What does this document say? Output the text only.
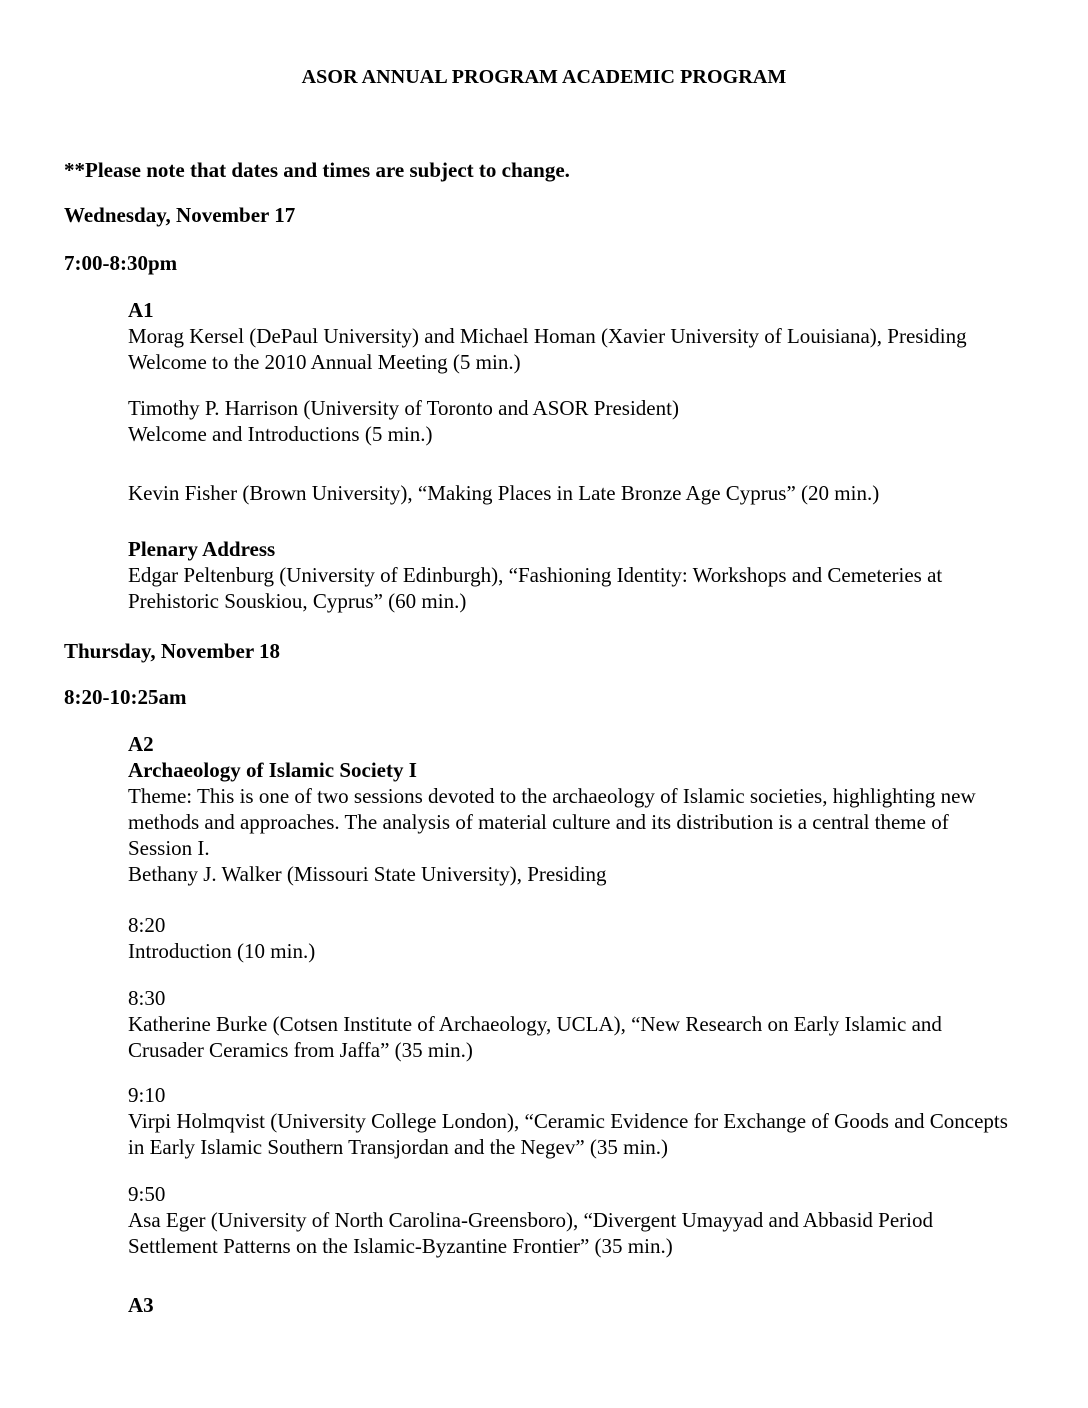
ASOR ANNUAL PROGRAM ACADEMIC PROGRAM
**Please note that dates and times are subject to change.
Wednesday, November 17
7:00-8:30pm
A1
Morag Kersel (DePaul University) and Michael Homan (Xavier University of Louisiana), Presiding
Welcome to the 2010 Annual Meeting (5 min.)
Timothy P. Harrison (University of Toronto and ASOR President)
Welcome and Introductions (5 min.)
Kevin Fisher (Brown University), “Making Places in Late Bronze Age Cyprus” (20 min.)
Plenary Address
Edgar Peltenburg (University of Edinburgh), “Fashioning Identity: Workshops and Cemeteries at
Prehistoric Souskiou, Cyprus” (60 min.)
Thursday, November 18
8:20-10:25am
A2
Archaeology of Islamic Society I
Theme: This is one of two sessions devoted to the archaeology of Islamic societies, highlighting new
methods and approaches. The analysis of material culture and its distribution is a central theme of
Session I.
Bethany J. Walker (Missouri State University), Presiding
8:20
Introduction (10 min.)
8:30
Katherine Burke (Cotsen Institute of Archaeology, UCLA), “New Research on Early Islamic and
Crusader Ceramics from Jaffa” (35 min.)
9:10
Virpi Holmqvist (University College London), “Ceramic Evidence for Exchange of Goods and Concepts
in Early Islamic Southern Transjordan and the Negev” (35 min.)
9:50
Asa Eger (University of North Carolina-Greensboro), “Divergent Umayyad and Abbasid Period
Settlement Patterns on the Islamic-Byzantine Frontier” (35 min.)
A3
